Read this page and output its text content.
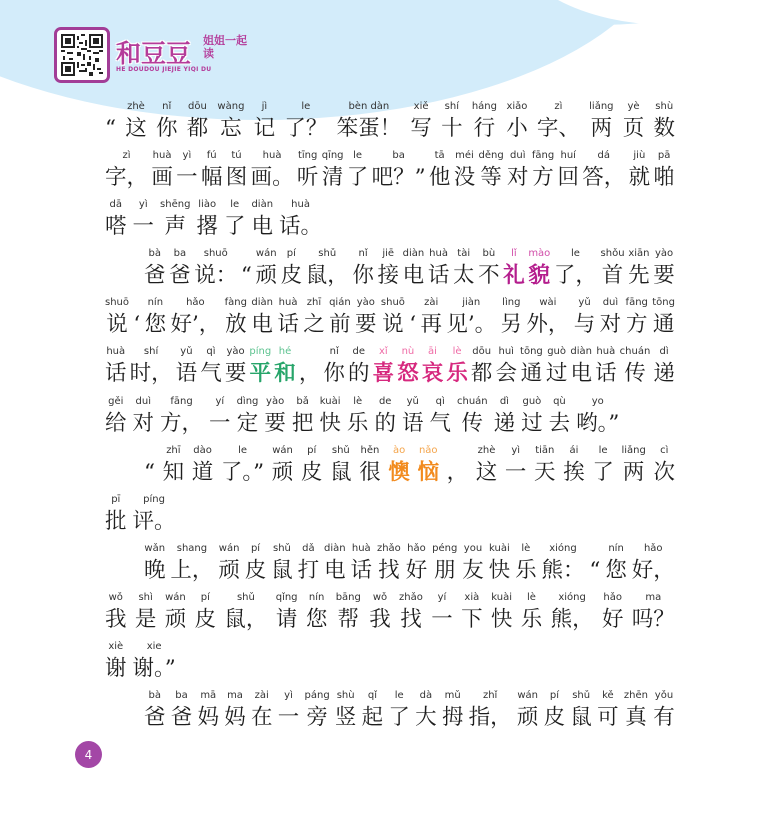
和豆豆 姐姐一起读
HE DOUDOU JIEJIE YIQI DU
“
zhè
这
nǐ
你
dōu
都
wàng
忘
jì
记
le
了？
bèn dàn
笨蛋！
xiě
写
shí
十
háng
行
xiǎo
小
zì
字、
liǎng
两
yè
页
shù
数
zì
字，
huà
画
yì
一
fú
幅
tú
图
huà
画。
tīng
听
qīng
清
le
了
ba
吧？”
tā
他
méi
没
děng
等
duì
对
fāng
方
huí
回
dá
答，
jiù
就
pā
啪
dā
嗒
yì
一
shēng
声
liào
撂
le
了
diàn
电
huà
话。
bà
爸
ba
爸
shuō
说： “
wán
顽
pí
皮
shǔ
鼠，
nǐ
你
jiē
接
diàn
电
huà
话
tài
太
bù
不
lǐ
礼
mào
貌
le
了，
shǒu
首
xiān
先
yào
要
shuō
说 ‘
nín
您
hǎo
好’，
fàng
放
diàn
电
huà
话
zhī
之
qián
前
yào
要
shuō
说 ‘
zài
再
jiàn
见’。
lìng
另
wài
外，
yǔ
与
duì
对
fāng
方
tōng
通
huà
话
shí
时，
yǔ
语
qì
气
yào
要
píng
平
hé
和 ，
nǐ
你
de
的
xǐ
喜
nù
怒
āi
哀
lè
乐
dōu
都
huì
会
tōng
通
guò
过
diàn
电
huà
话
chuán
传
dì
递
gěi
给
duì
对
fāng
方，
yí
一
dìng
定
yào
要
bǎ
把
kuài
快
lè
乐
de
的
yǔ
语
qì
气
chuán
传
dì
递
guò
过
qù
去
yo
哟。”
“
zhī
知
dào
道
le
了。”
wán
顽
pí
皮
shǔ
鼠
hěn
很
ào
懊
nǎo
恼 ，
zhè
这
yì
一
tiān
天
ái
挨
le
了
liǎng
两
cì
次
pī
批
píng
评。
wǎn
晚
shang
上，
wán
顽
pí
皮
shǔ
鼠
dǎ
打
diàn
电
huà
话
zhǎo
找
hǎo
好
péng
朋
you
友
kuài
快
lè
乐
xióng
熊： “
nín
您
hǎo
好，
wǒ
我
shì
是
wán
顽
pí
皮
shǔ
鼠，
qǐng
请
nín
您
bāng
帮
wǒ
我
zhǎo
找
yí
一
xià
下
kuài
快
lè
乐
xióng
熊，
hǎo
好
ma
吗？
xiè
谢
xie
谢。”
bà
爸
ba
爸
mā
妈
ma
妈
zài
在
yì
一
páng
旁
shù
竖
qǐ
起
le
了
dà
大
mǔ
拇
zhǐ
指，
wán
顽
pí
皮
shǔ
鼠
kě
可
zhēn
真
yǒu
有
4
